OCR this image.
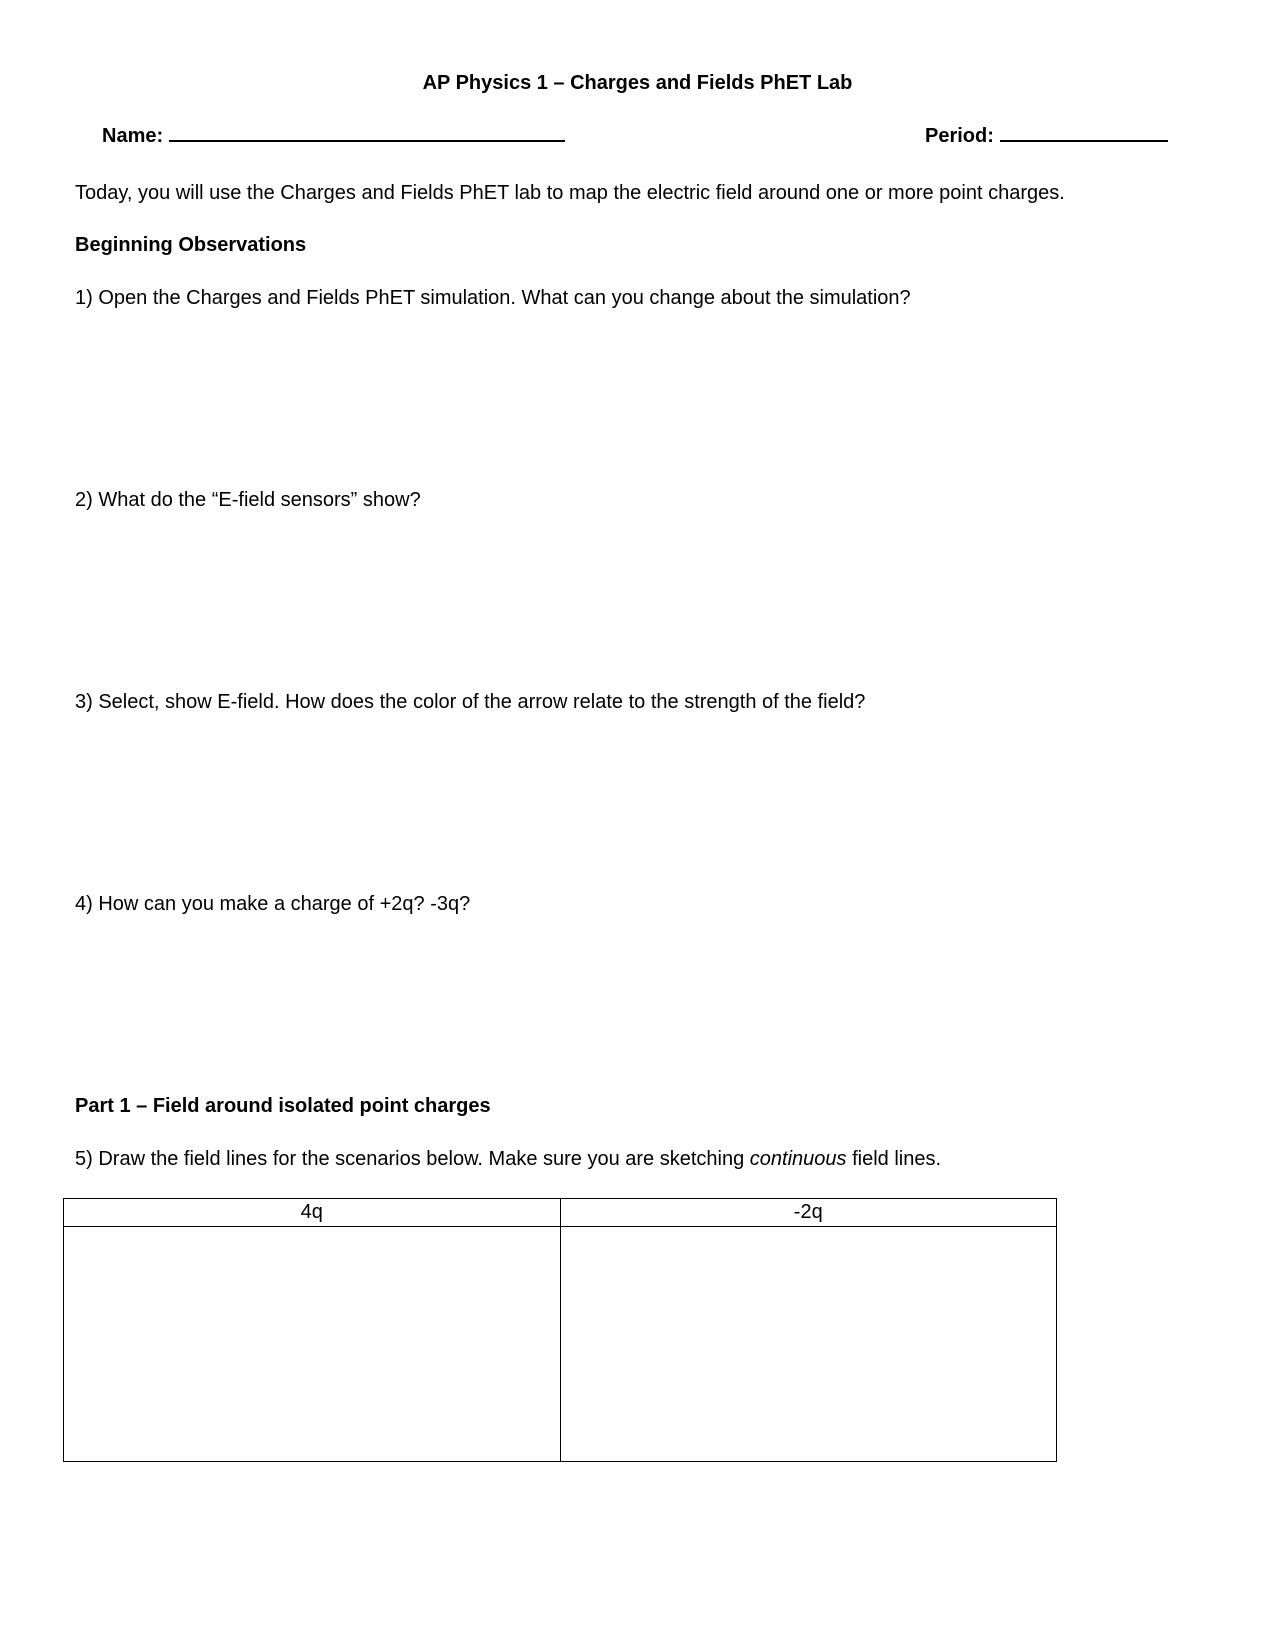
AP Physics 1 – Charges and Fields PhET Lab
Name:	Period:
Today, you will use the Charges and Fields PhET lab to map the electric field around one or more point charges.
Beginning Observations
1) Open the Charges and Fields PhET simulation. What can you change about the simulation?
2) What do the “E-field sensors” show?
3) Select, show E-field. How does the color of the arrow relate to the strength of the field?
4) How can you make a charge of +2q? -3q?
Part 1 – Field around isolated point charges
5) Draw the field lines for the scenarios below. Make sure you are sketching continuous field lines.
4q	-2q
